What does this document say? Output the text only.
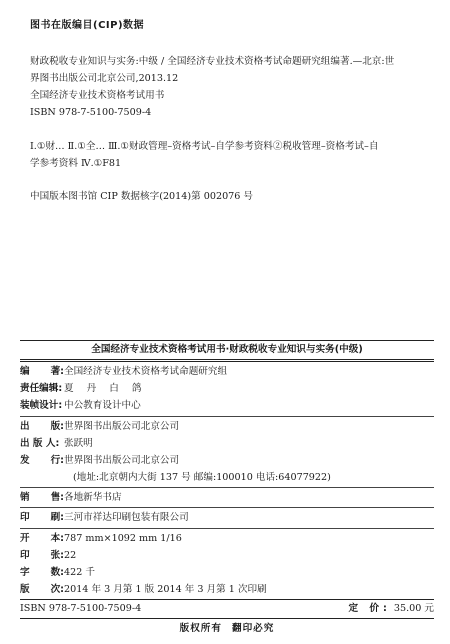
图书在版编目(CIP)数据

财政税收专业知识与实务:中级 / 全国经济专业技术资格考试命题研究组编著.—北京:世

界图书出版公司北京公司,2013.12

全国经济专业技术资格考试用书

ISBN 978-7-5100-7509-4

Ⅰ.①财… Ⅱ.①全… Ⅲ.①财政管理–资格考试–自学参考资料②税收管理–资格考试–自

学参考资料 Ⅳ.①F81

中国版本图书馆 CIP 数据核字(2014)第 002076 号

全国经济专业技术资格考试用书·财政税收专业知识与实务(中级)
编 著: 全国经济专业技术资格考试命题研究组
责任编辑: 夏 丹 白 鸽
装帧设计: 中公教育设计中心
出 版: 世界图书出版公司北京公司
出 版 人: 张跃明
发 行: 世界图书出版公司北京公司
(地址:北京朝内大街 137 号 邮编:100010 电话:64077922)
销 售: 各地新华书店
印 刷: 三河市祥达印刷包装有限公司
开 本: 787 mm×1092 mm 1/16
印 张: 22
字 数: 422 千
版 次: 2014 年 3 月第 1 版 2014 年 3 月第 1 次印刷
ISBN 978-7-5100-7509-4	定 价: 35.00 元
版权所有 翻印必究
